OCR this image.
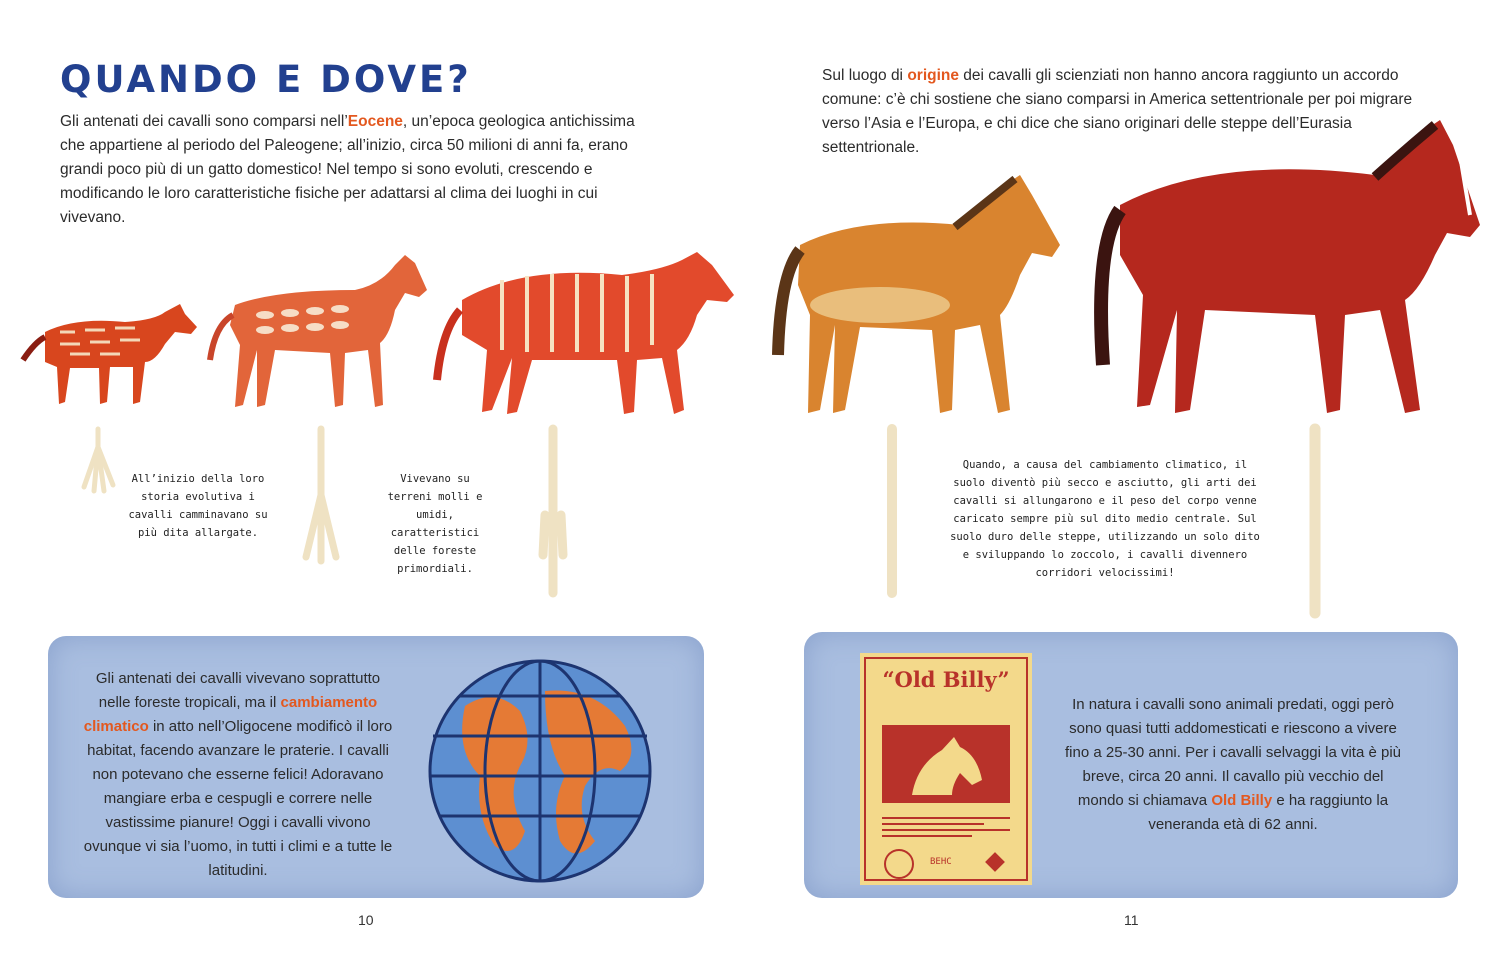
QUANDO E DOVE?

Gli antenati dei cavalli sono comparsi nell’Eocene, un’epoca geologica antichissima che appartiene al periodo del Paleogene; all’inizio, circa 50 milioni di anni fa, erano grandi poco più di un gatto domestico! Nel tempo si sono evoluti, crescendo e modificando le loro caratteristiche fisiche per adattarsi al clima dei luoghi in cui vivevano.

Sul luogo di origine dei cavalli gli scienziati non hanno ancora raggiunto un accordo comune: c’è chi sostiene che siano comparsi in America settentrionale per poi migrare verso l’Asia e l’Europa, e chi dice che siano originari delle steppe dell’Eurasia settentrionale.

All’inizio della loro storia evolutiva i cavalli camminavano su più dita allargate.

Vivevano su terreni molli e umidi, caratteristici delle foreste primordiali.

Quando, a causa del cambiamento climatico, il suolo diventò più secco e asciutto, gli arti dei cavalli si allungarono e il peso del corpo venne caricato sempre più sul dito medio centrale. Sul suolo duro delle steppe, utilizzando un solo dito e sviluppando lo zoccolo, i cavalli divennero corridori velocissimi!

Gli antenati dei cavalli vivevano soprattutto nelle foreste tropicali, ma il cambiamento climatico in atto nell’Oligocene modificò il loro habitat, facendo avanzare le praterie. I cavalli non potevano che esserne felici! Adoravano mangiare erba e cespugli e correre nelle vastissime pianure! Oggi i cavalli vivono ovunque vi sia l’uomo, in tutti i climi e a tutte le latitudini.

“Old Billy”
BEHC

In natura i cavalli sono animali predati, oggi però sono quasi tutti addomesticati e riescono a vivere fino a 25-30 anni. Per i cavalli selvaggi la vita è più breve, circa 20 anni. Il cavallo più vecchio del mondo si chiamava Old Billy e ha raggiunto la veneranda età di 62 anni.

10	11
